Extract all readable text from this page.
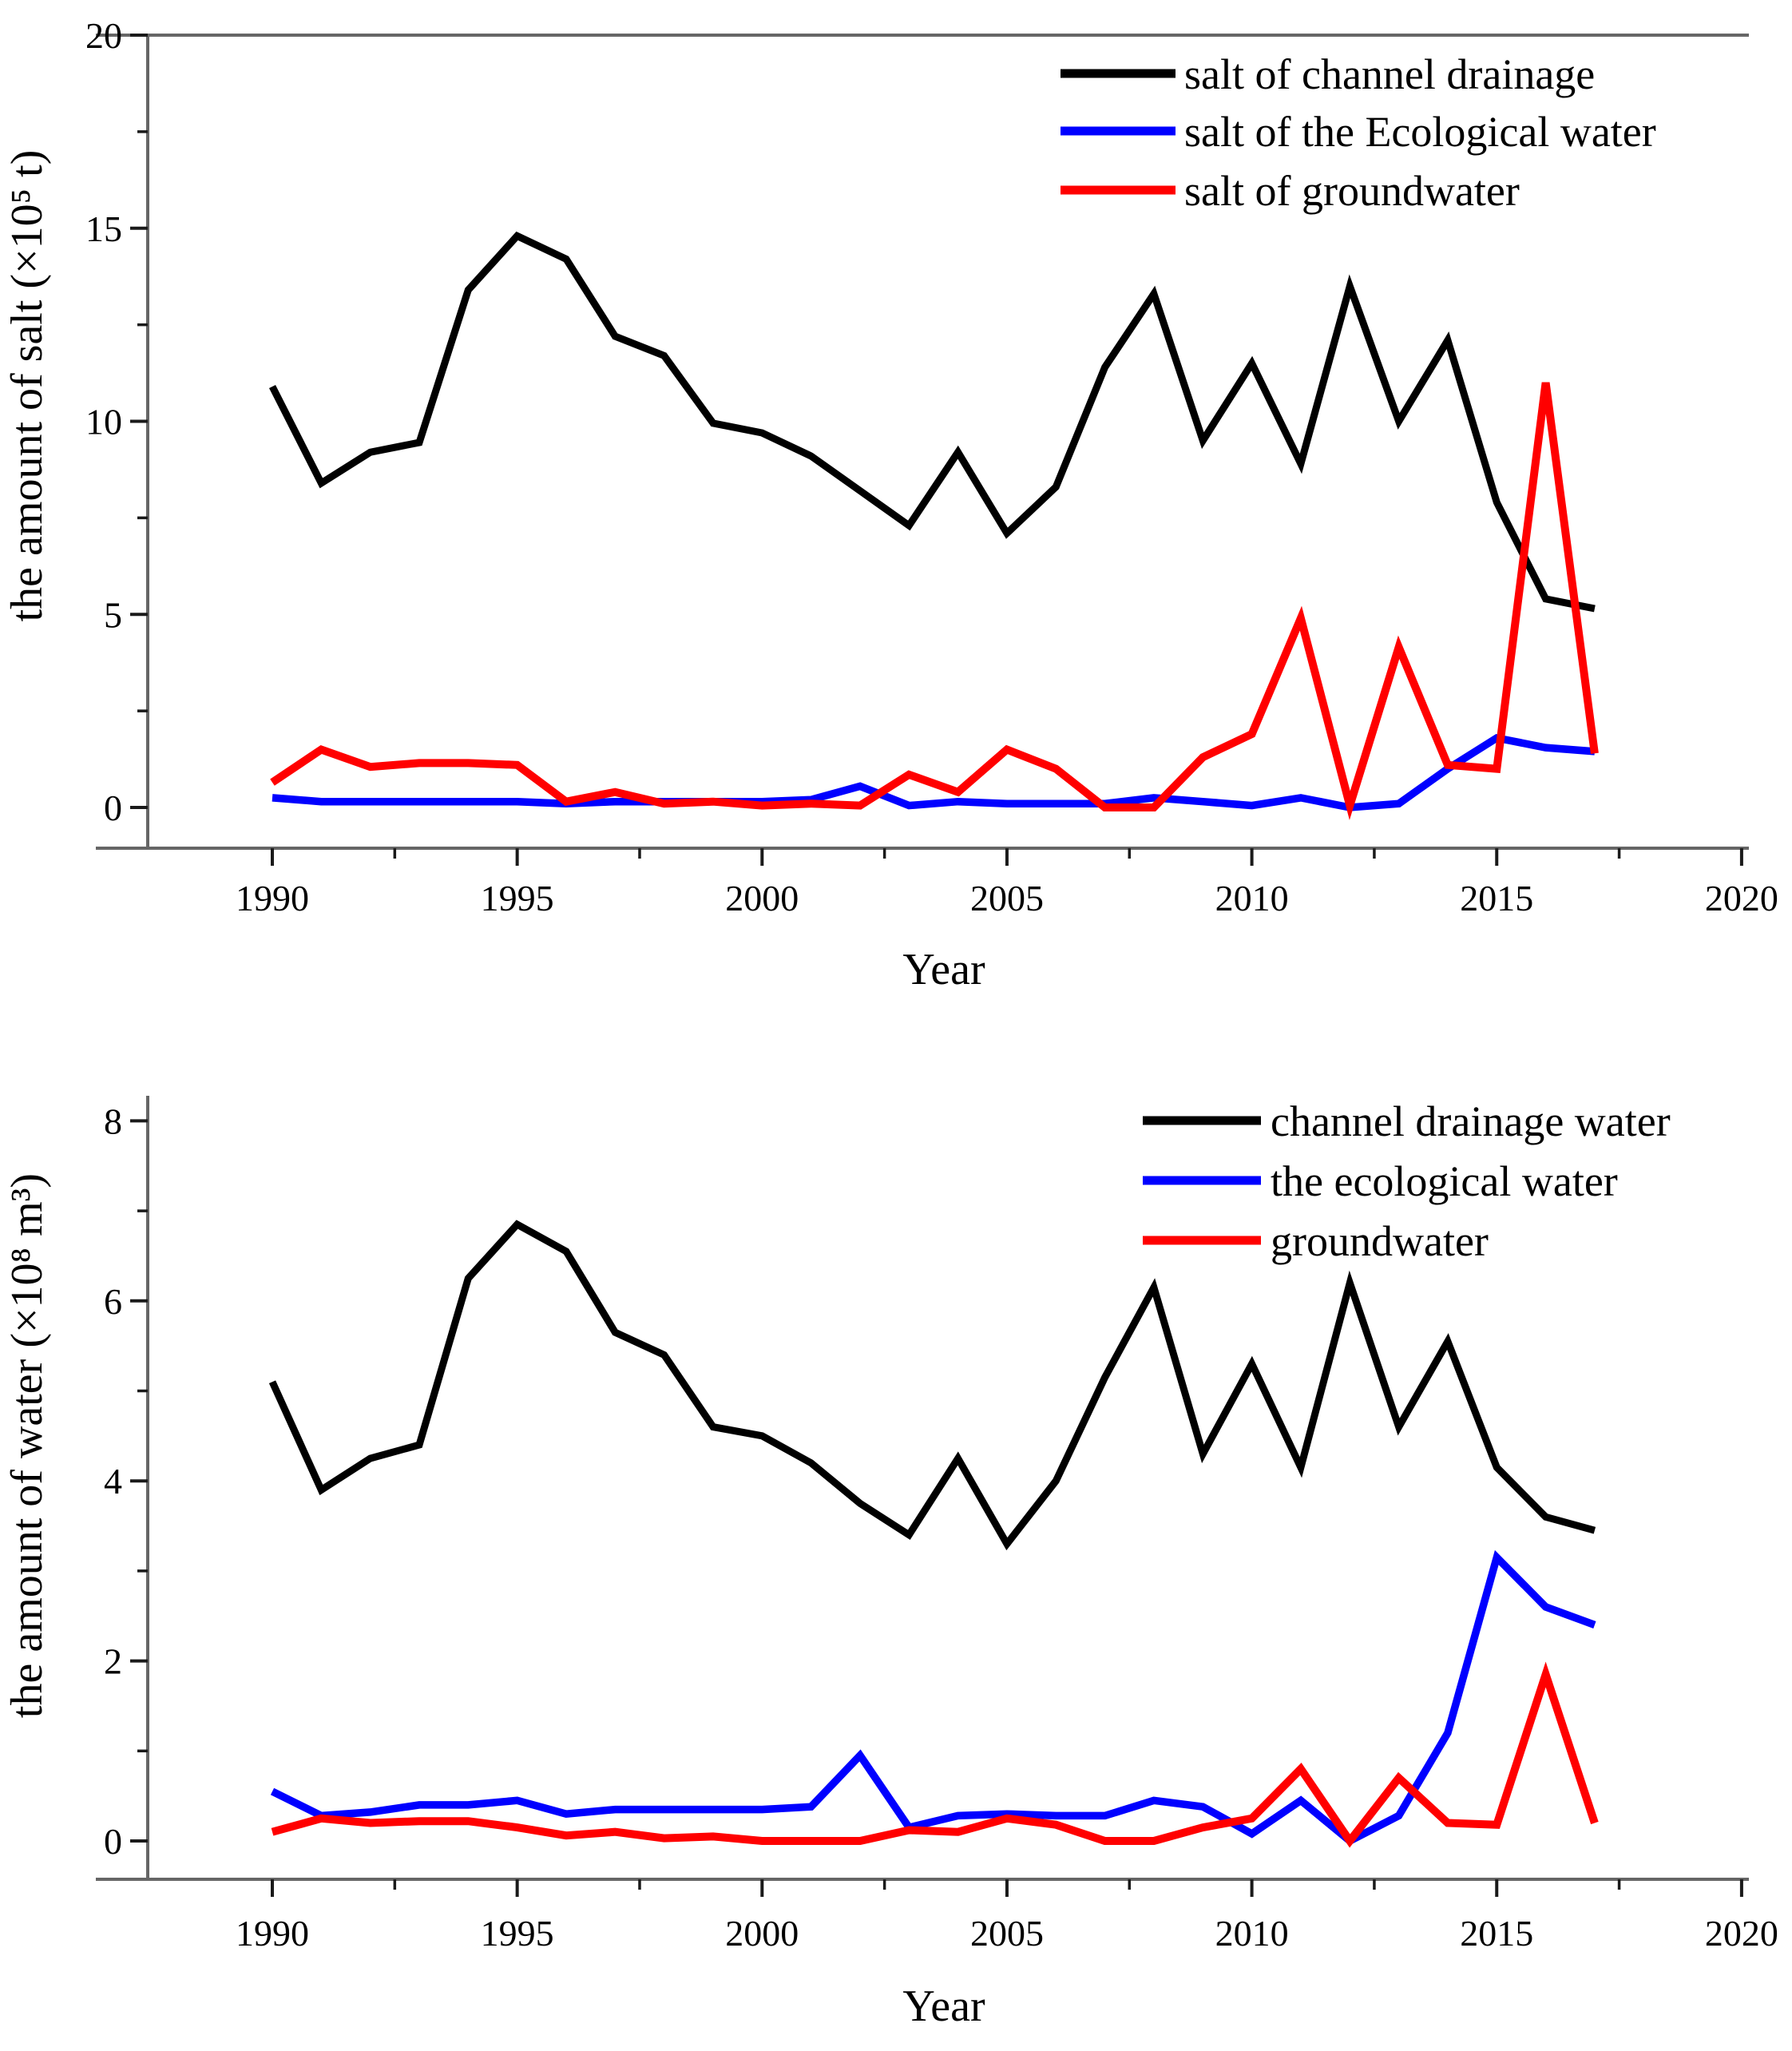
0
5
10
15
20
1990	1995	2000	2005	2010	2015	2020
Year
the amount of salt (×10⁵ t)
salt of channel drainage
salt of the Ecological water
salt of groundwater
0
2
4
6
8
1990	1995	2000	2005	2010	2015	2020
Year
the amount of water (×10⁸ m³)
channel drainage water
the ecological water
groundwater
